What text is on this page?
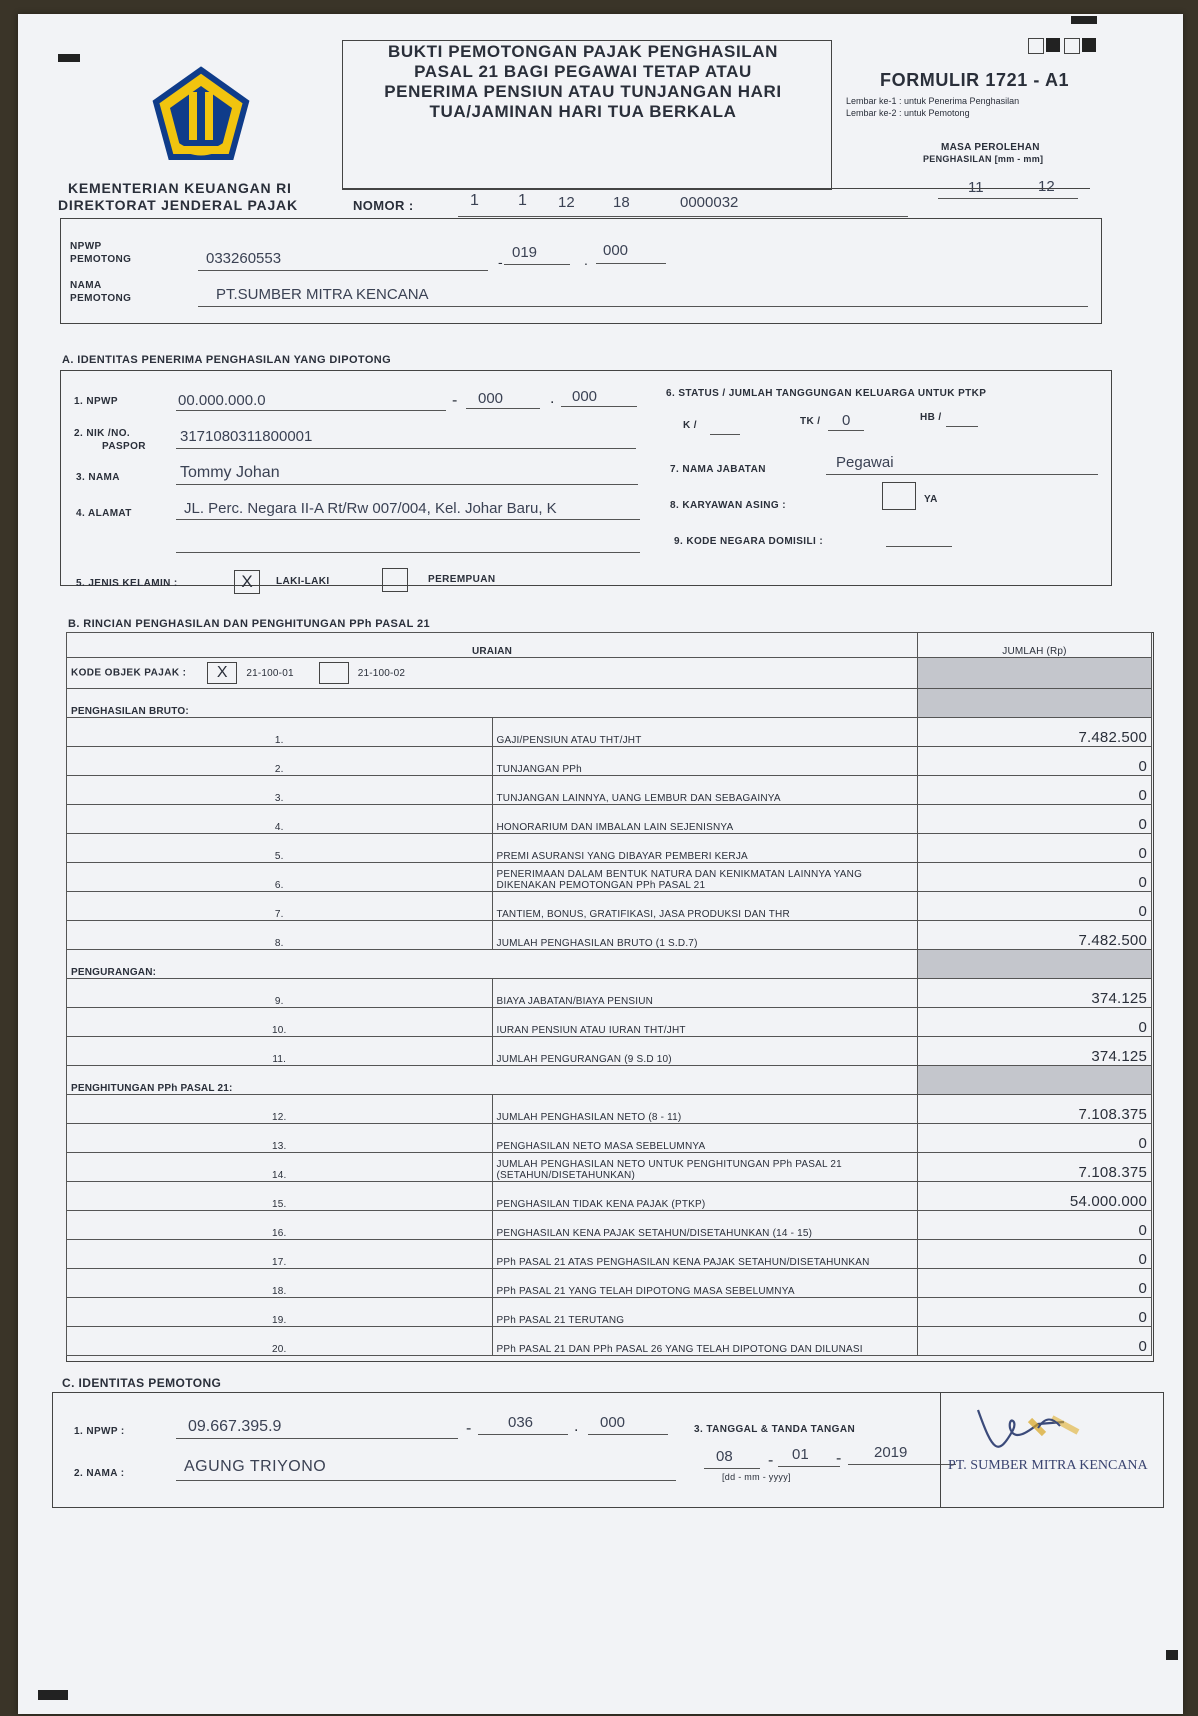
KEMENTERIAN KEUANGAN RI
DIREKTORAT JENDERAL PAJAK
BUKTI PEMOTONGAN PAJAK PENGHASILAN
PASAL 21 BAGI PEGAWAI TETAP ATAU
PENERIMA PENSIUN ATAU TUNJANGAN HARI
TUA/JAMINAN HARI TUA BERKALA
FORMULIR 1721 - A1
Lembar ke-1 : untuk Penerima Penghasilan
Lembar ke-2 : untuk Pemotong
MASA PEROLEHAN
PENGHASILAN [mm - mm]
NOMOR :	1 1 12	18	0000032
11	12
NPWP
PEMOTONG	033260553	-
019	.
000
NAMA
PEMOTONG	PT.SUMBER MITRA KENCANA
A. IDENTITAS PENERIMA PENGHASILAN YANG DIPOTONG
1. NPWP	00.000.000.0	- 000	. 000
2. NIK /NO.
PASPOR
3171080311800001
3. NAMA	Tommy Johan
4. ALAMAT	JL. Perc. Negara II-A Rt/Rw 007/004, Kel. Johar Baru, K
5. JENIS KELAMIN :	X	LAKI-LAKI	PEREMPUAN
6. STATUS / JUMLAH TANGGUNGAN KELUARGA UNTUK PTKP
K /	TK / 0	HB /
7. NAMA JABATAN	Pegawai
8. KARYAWAN ASING :
YA
9. KODE NEGARA DOMISILI :
B. RINCIAN PENGHASILAN DAN PENGHITUNGAN PPh PASAL 21
URAIAN		JUMLAH (Rp)
KODE OBJEK PAJAK : X 21-100-01 21-100-02		
PENGHASILAN BRUTO:		
1.	GAJI/PENSIUN ATAU THT/JHT	7.482.500
2.	TUNJANGAN PPh	0
3.	TUNJANGAN LAINNYA, UANG LEMBUR DAN SEBAGAINYA	0
4.	HONORARIUM DAN IMBALAN LAIN SEJENISNYA	0
5.	PREMI ASURANSI YANG DIBAYAR PEMBERI KERJA	0
6.	PENERIMAAN DALAM BENTUK NATURA DAN KENIKMATAN LAINNYA YANG DIKENAKAN PEMOTONGAN PPh PASAL 21	0
7.	TANTIEM, BONUS, GRATIFIKASI, JASA PRODUKSI DAN THR	0
8.	JUMLAH PENGHASILAN BRUTO (1 S.D.7)	7.482.500
PENGURANGAN:		
9.	BIAYA JABATAN/BIAYA PENSIUN	374.125
10.	IURAN PENSIUN ATAU IURAN THT/JHT	0
11.	JUMLAH PENGURANGAN (9 S.D 10)	374.125
PENGHITUNGAN PPh PASAL 21:		
12.	JUMLAH PENGHASILAN NETO (8 - 11)	7.108.375
13.	PENGHASILAN NETO MASA SEBELUMNYA	0
14.	JUMLAH PENGHASILAN NETO UNTUK PENGHITUNGAN PPh PASAL 21 (SETAHUN/DISETAHUNKAN)	7.108.375
15.	PENGHASILAN TIDAK KENA PAJAK (PTKP)	54.000.000
16.	PENGHASILAN KENA PAJAK SETAHUN/DISETAHUNKAN (14 - 15)	0
17.	PPh PASAL 21 ATAS PENGHASILAN KENA PAJAK SETAHUN/DISETAHUNKAN	0
18.	PPh PASAL 21 YANG TELAH DIPOTONG MASA SEBELUMNYA	0
19.	PPh PASAL 21 TERUTANG	0
20.	PPh PASAL 21 DAN PPh PASAL 26 YANG TELAH DIPOTONG DAN DILUNASI	0
C. IDENTITAS PEMOTONG
1. NPWP :	09.667.395.9	- 036	. 000
2. NAMA :	AGUNG TRIYONO
3. TANGGAL & TANDA TANGAN
08 - 01 - 2019
[dd - mm - yyyy]
PT. SUMBER MITRA KENCANA
